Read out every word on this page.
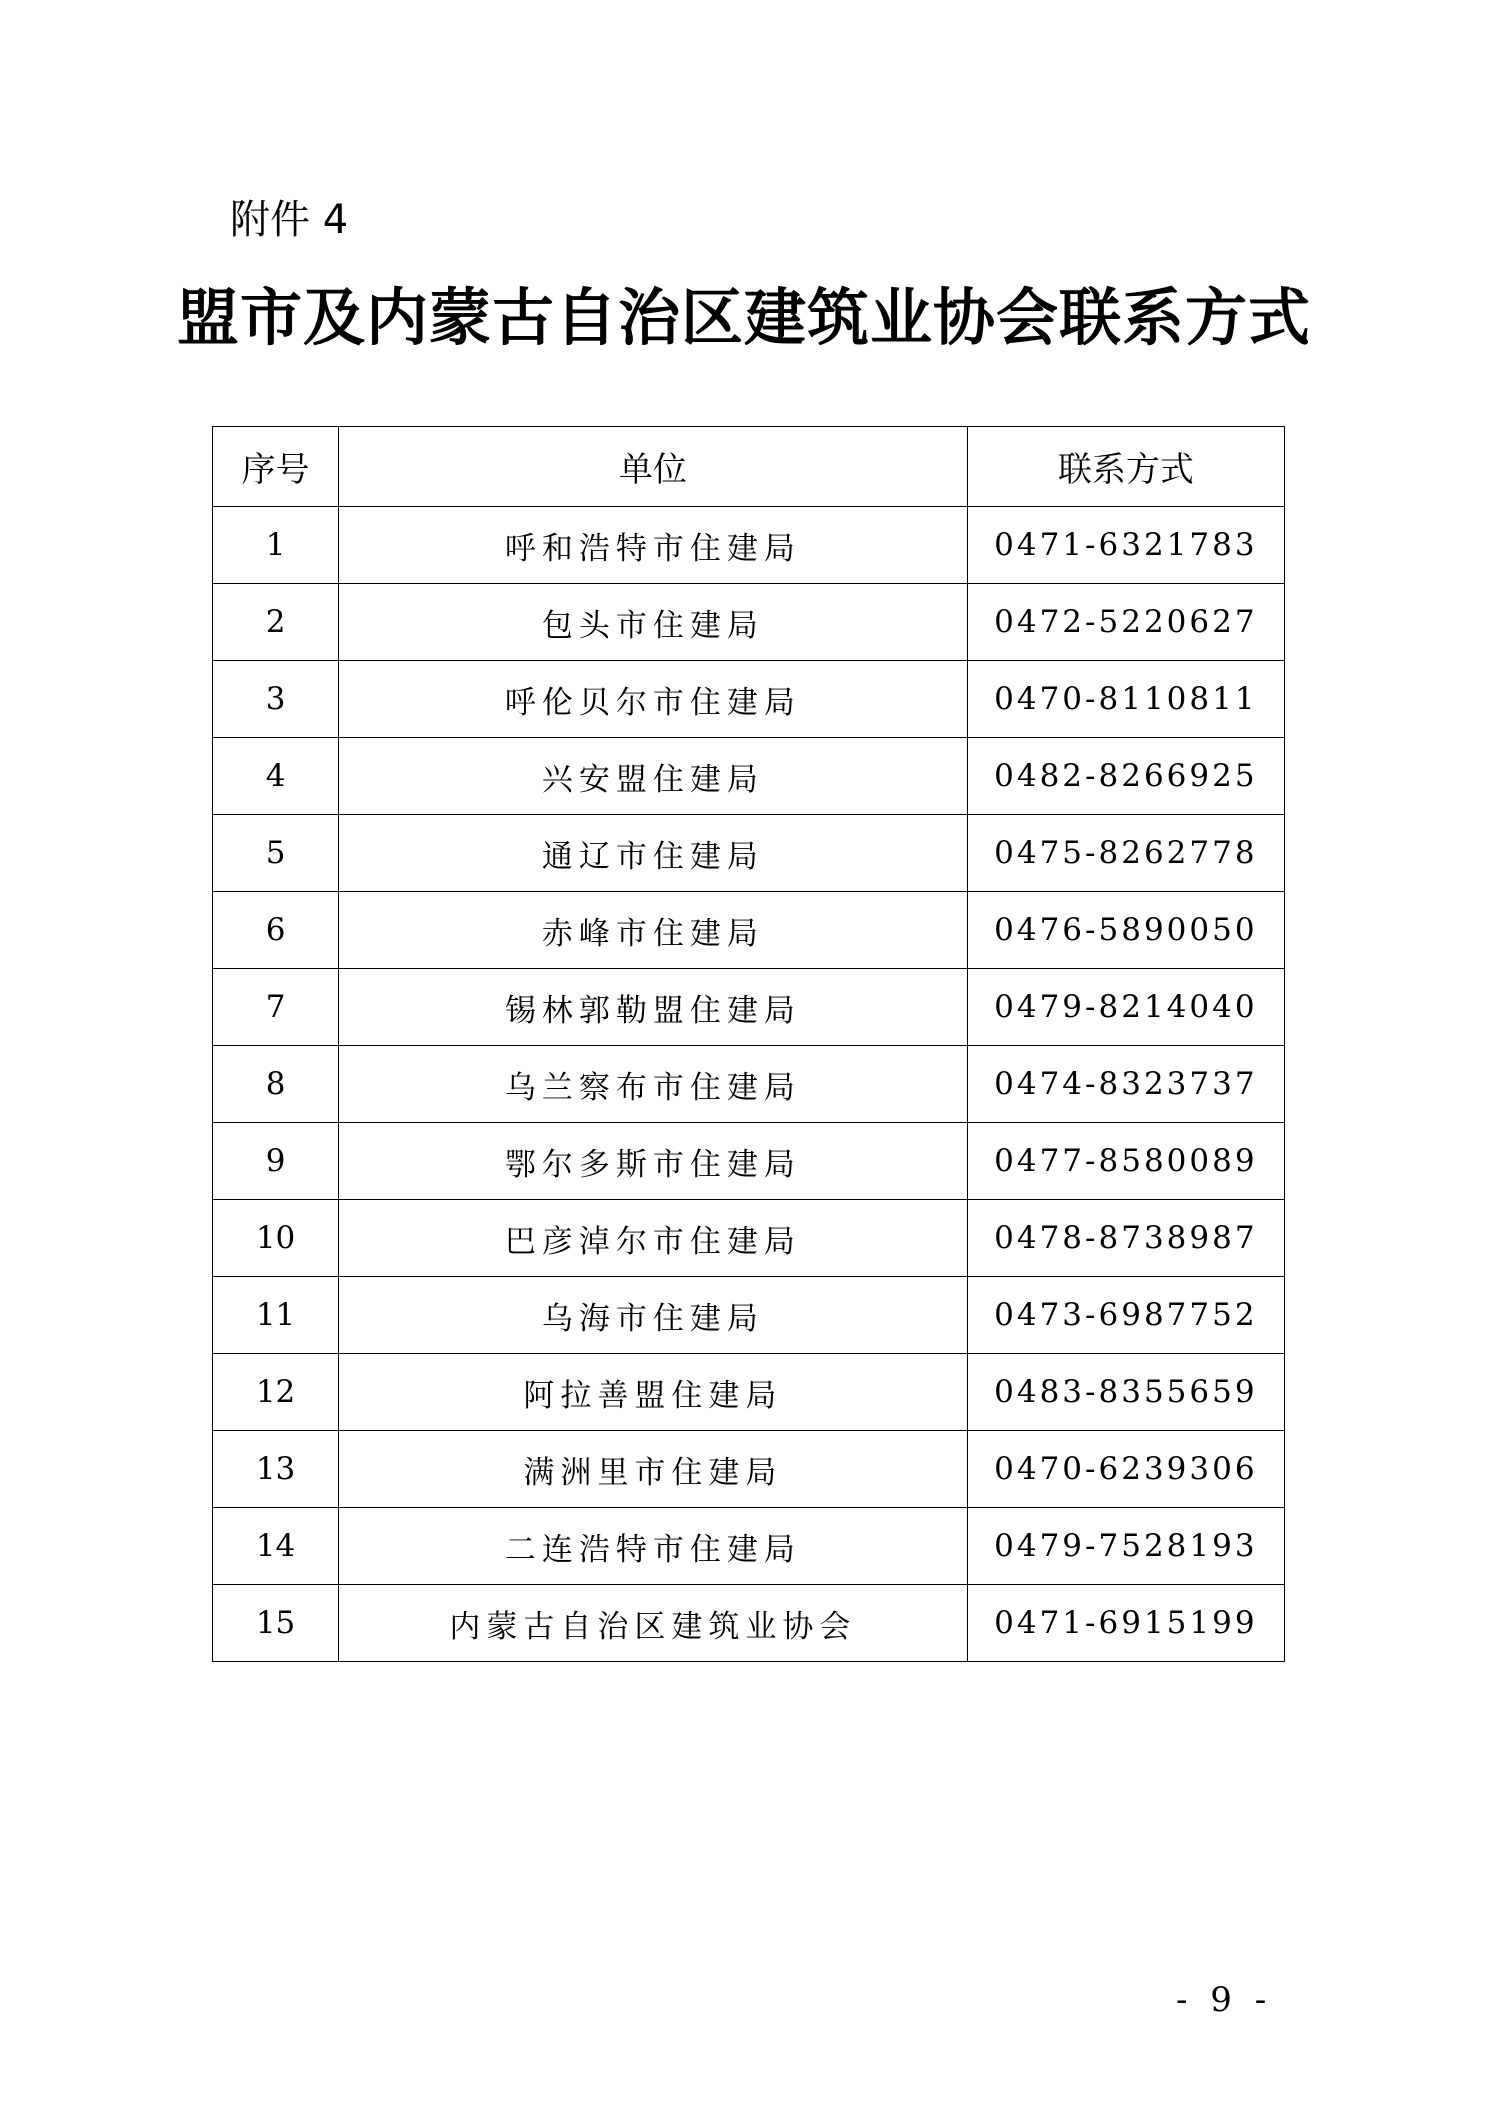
附件 4
盟市及内蒙古自治区建筑业协会联系方式
序号	单位	联系方式
1	呼和浩特市住建局	0471-6321783
2	包头市住建局	0472-5220627
3	呼伦贝尔市住建局	0470-8110811
4	兴安盟住建局	0482-8266925
5	通辽市住建局	0475-8262778
6	赤峰市住建局	0476-5890050
7	锡林郭勒盟住建局	0479-8214040
8	乌兰察布市住建局	0474-8323737
9	鄂尔多斯市住建局	0477-8580089
10	巴彦淖尔市住建局	0478-8738987
11	乌海市住建局	0473-6987752
12	阿拉善盟住建局	0483-8355659
13	满洲里市住建局	0470-6239306
14	二连浩特市住建局	0479-7528193
15	内蒙古自治区建筑业协会	0471-6915199
- 9 -
